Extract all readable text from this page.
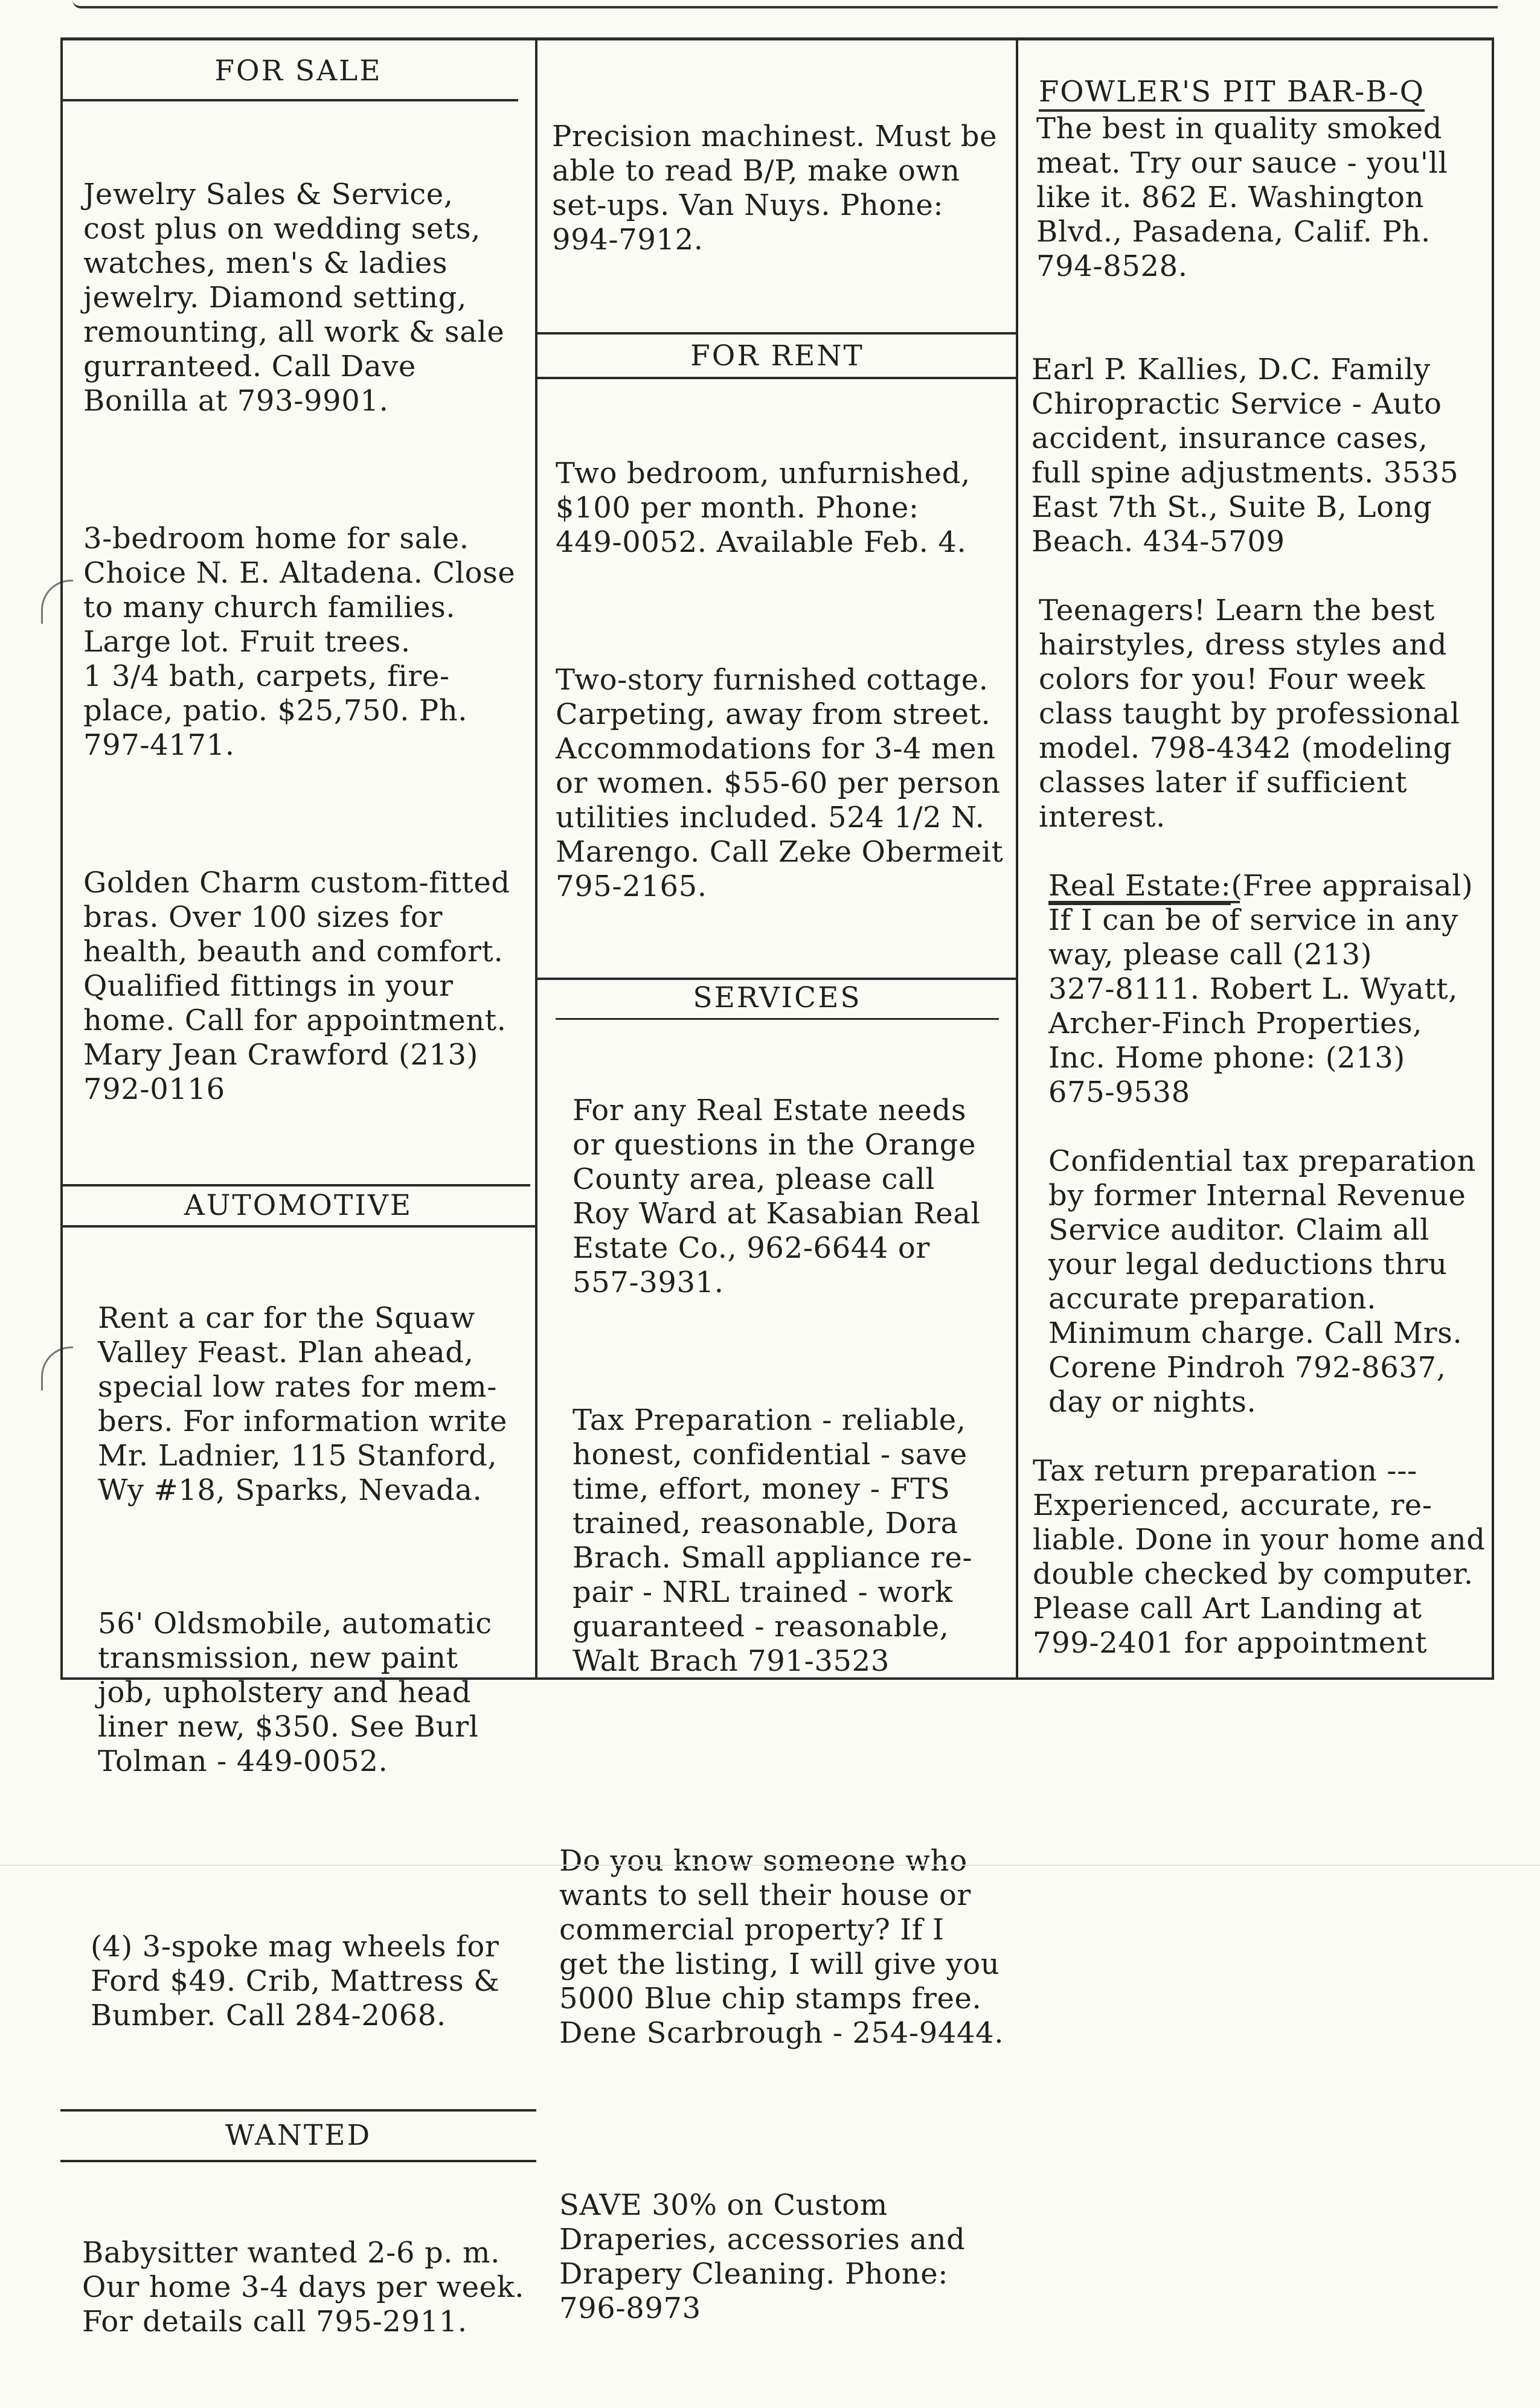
FOR SALE

Jewelry Sales & Service,
cost plus on wedding sets,
watches, men's & ladies
jewelry. Diamond setting,
remounting, all work & sale
gurranteed. Call Dave
Bonilla at 793-9901.

3-bedroom home for sale.
Choice N. E. Altadena. Close
to many church families.
Large lot. Fruit trees.
1 3/4 bath, carpets, fire-
place, patio. $25,750. Ph.
797-4171.

Golden Charm custom-fitted
bras. Over 100 sizes for
health, beauth and comfort.
Qualified fittings in your
home. Call for appointment.
Mary Jean Crawford (213)
792-0116

AUTOMOTIVE

Rent a car for the Squaw
Valley Feast. Plan ahead,
special low rates for mem-
bers. For information write
Mr. Ladnier, 115 Stanford,
Wy #18, Sparks, Nevada.

56' Oldsmobile, automatic
transmission, new paint
job, upholstery and head
liner new, $350. See Burl
Tolman - 449-0052.

(4) 3-spoke mag wheels for
Ford $49. Crib, Mattress &
Bumber. Call 284-2068.

WANTED

Babysitter wanted 2-6 p. m.
Our home 3-4 days per week.
For details call 795-2911.

Precision machinest. Must be
able to read B/P, make own
set-ups. Van Nuys. Phone:
994-7912.

FOR RENT

Two bedroom, unfurnished,
$100 per month. Phone:
449-0052. Available Feb. 4.

Two-story furnished cottage.
Carpeting, away from street.
Accommodations for 3-4 men
or women. $55-60 per person
utilities included. 524 1/2 N.
Marengo. Call Zeke Obermeit
795-2165.

SERVICES

For any Real Estate needs
or questions in the Orange
County area, please call
Roy Ward at Kasabian Real
Estate Co., 962-6644 or
557-3931.

Tax Preparation - reliable,
honest, confidential - save
time, effort, money - FTS
trained, reasonable, Dora
Brach. Small appliance re-
pair - NRL trained - work
guaranteed - reasonable,
Walt Brach 791-3523

Do you know someone who
wants to sell their house or
commercial property? If I
get the listing, I will give you
5000 Blue chip stamps free.
Dene Scarbrough - 254-9444.

SAVE 30% on Custom
Draperies, accessories and
Drapery Cleaning. Phone:
796-8973

FOWLER'S PIT BAR-B-Q
The best in quality smoked
meat. Try our sauce - you'll
like it. 862 E. Washington
Blvd., Pasadena, Calif. Ph.
794-8528.
Earl P. Kallies, D.C. Family
Chiropractic Service - Auto
accident, insurance cases,
full spine adjustments. 3535
East 7th St., Suite B, Long
Beach. 434-5709
Teenagers! Learn the best
hairstyles, dress styles and
colors for you! Four week
class taught by professional
model. 798-4342 (modeling
classes later if sufficient
interest.
Real Estate:(Free appraisal)
If I can be of service in any
way, please call (213)
327-8111. Robert L. Wyatt,
Archer-Finch Properties,
Inc. Home phone: (213)
675-9538
Confidential tax preparation
by former Internal Revenue
Service auditor. Claim all
your legal deductions thru
accurate preparation.
Minimum charge. Call Mrs.
Corene Pindroh 792-8637,
day or nights.
Tax return preparation ---
Experienced, accurate, re-
liable. Done in your home and
double checked by computer.
Please call Art Landing at
799-2401 for appointment
